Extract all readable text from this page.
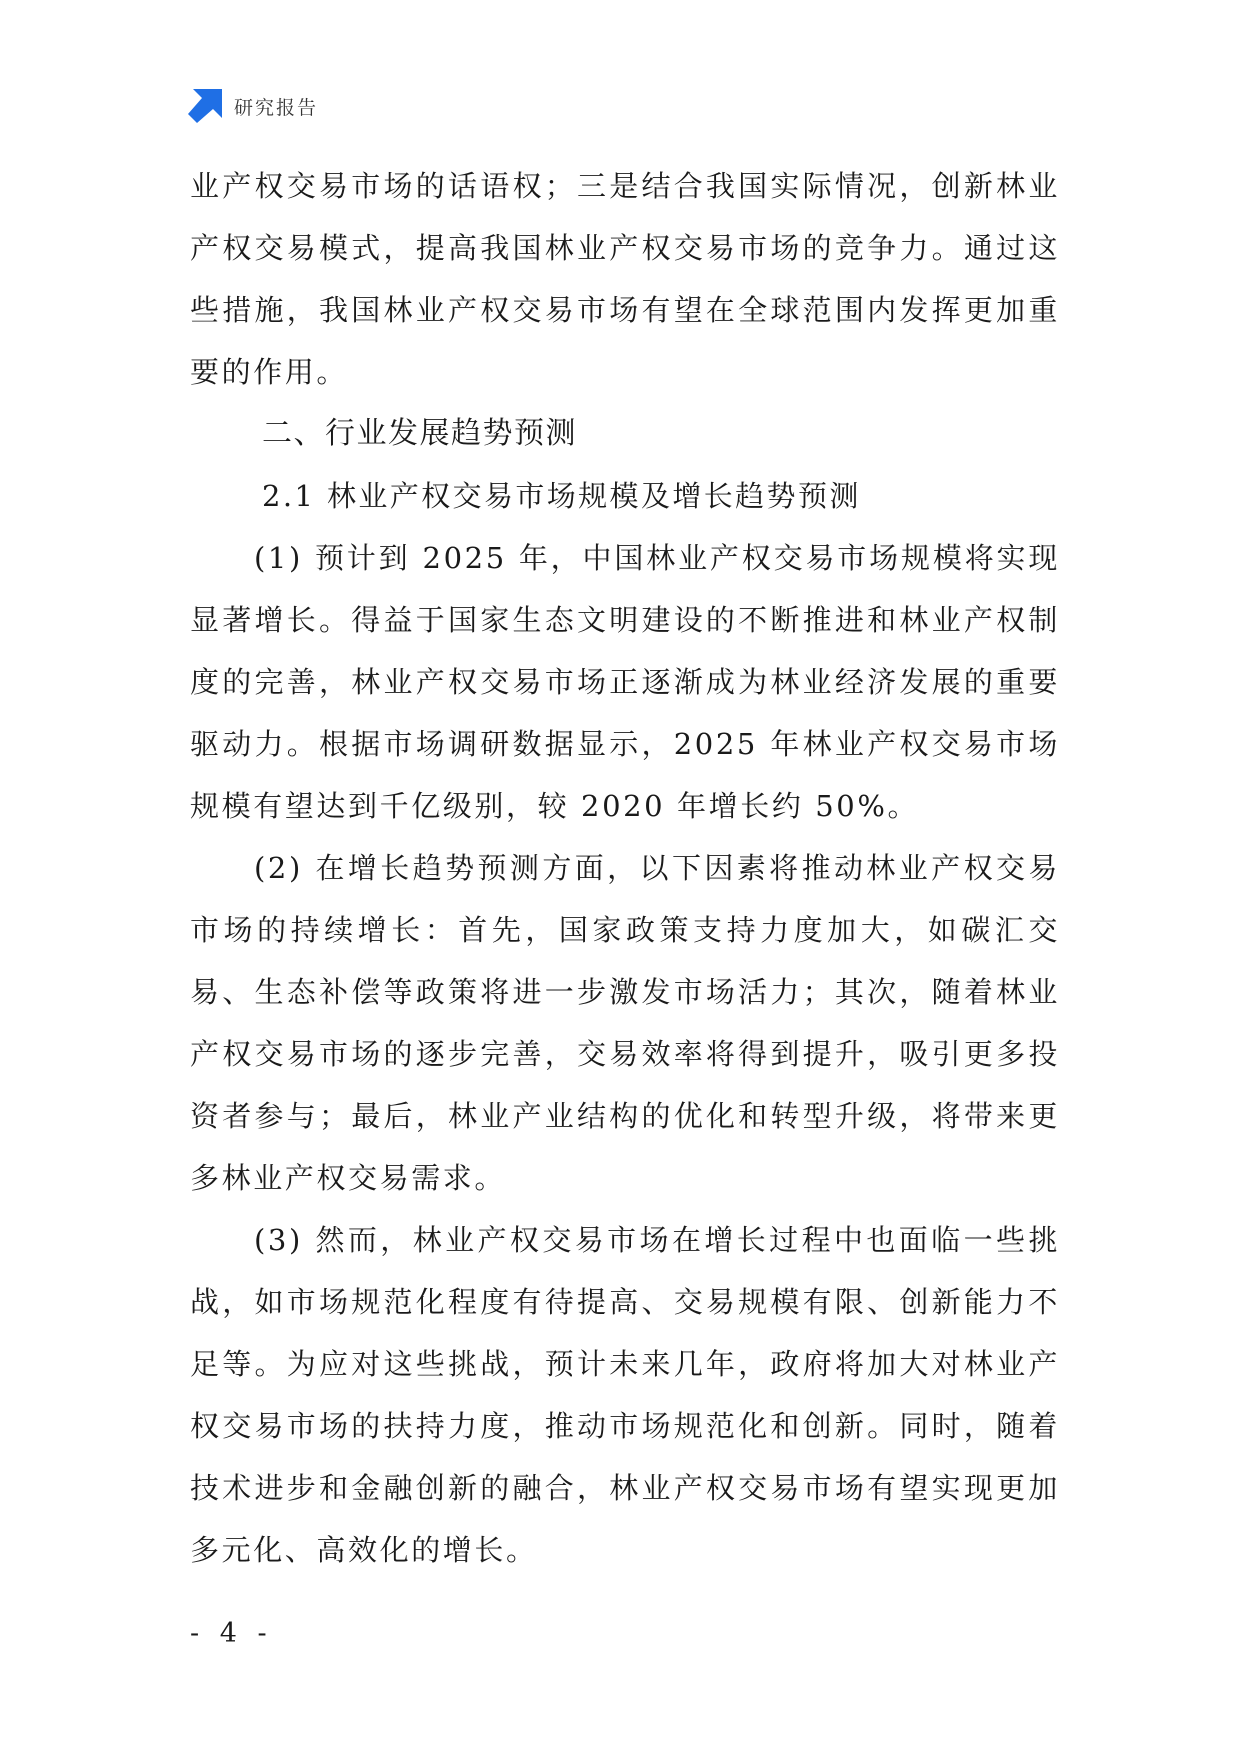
研究报告

业产权交易市场的话语权；三是结合我国实际情况，创新林业产权交易模式，提高我国林业产权交易市场的竞争力。通过这些措施，我国林业产权交易市场有望在全球范围内发挥更加重要的作用。

二、行业发展趋势预测
2.1 林业产权交易市场规模及增长趋势预测

(1) 预计到 2025 年，中国林业产权交易市场规模将实现显著增长。得益于国家生态文明建设的不断推进和林业产权制度的完善，林业产权交易市场正逐渐成为林业经济发展的重要驱动力。根据市场调研数据显示，2025 年林业产权交易市场规模有望达到千亿级别，较 2020 年增长约 50%。

(2) 在增长趋势预测方面，以下因素将推动林业产权交易市场的持续增长：首先，国家政策支持力度加大，如碳汇交易、生态补偿等政策将进一步激发市场活力；其次，随着林业产权交易市场的逐步完善，交易效率将得到提升，吸引更多投资者参与；最后，林业产业结构的优化和转型升级，将带来更多林业产权交易需求。

(3) 然而，林业产权交易市场在增长过程中也面临一些挑战，如市场规范化程度有待提高、交易规模有限、创新能力不足等。为应对这些挑战，预计未来几年，政府将加大对林业产权交易市场的扶持力度，推动市场规范化和创新。同时，随着技术进步和金融创新的融合，林业产权交易市场有望实现更加多元化、高效化的增长。

- 4 -
